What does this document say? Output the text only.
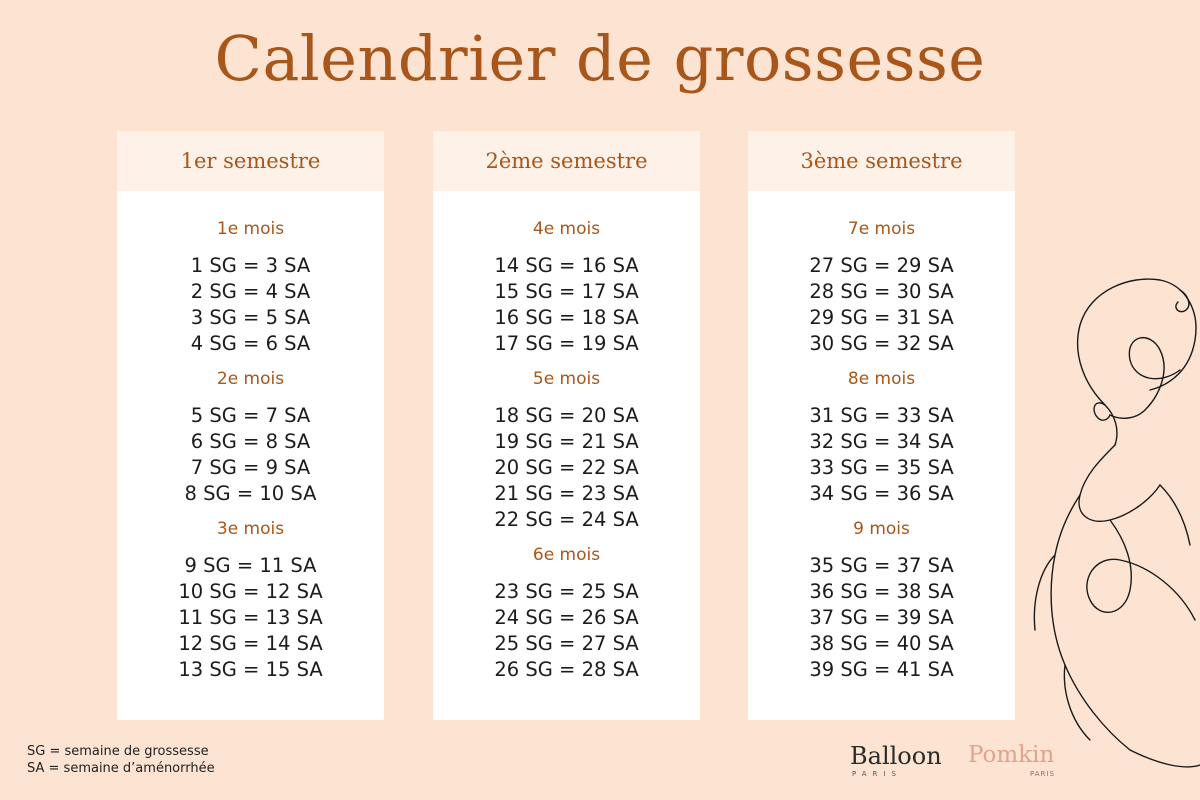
Calendrier de grossesse
1er semestre
1e mois
1 SG = 3 SA
2 SG = 4 SA
3 SG = 5 SA
4 SG = 6 SA
2e mois
5 SG = 7 SA
6 SG = 8 SA
7 SG = 9 SA
8 SG = 10 SA
3e mois
9 SG = 11 SA
10 SG = 12 SA
11 SG = 13 SA
12 SG = 14 SA
13 SG = 15 SA
2ème semestre
4e mois
14 SG = 16 SA
15 SG = 17 SA
16 SG = 18 SA
17 SG = 19 SA
5e mois
18 SG = 20 SA
19 SG = 21 SA
20 SG = 22 SA
21 SG = 23 SA
22 SG = 24 SA
6e mois
23 SG = 25 SA
24 SG = 26 SA
25 SG = 27 SA
26 SG = 28 SA
3ème semestre
7e mois
27 SG = 29 SA
28 SG = 30 SA
29 SG = 31 SA
30 SG = 32 SA
8e mois
31 SG = 33 SA
32 SG = 34 SA
33 SG = 35 SA
34 SG = 36 SA
9 mois
35 SG = 37 SA
36 SG = 38 SA
37 SG = 39 SA
38 SG = 40 SA
39 SG = 41 SA
SG = semaine de grossesse
SA = semaine d’aménorrhée	Balloon
PARIS
Pomkin
PARIS
